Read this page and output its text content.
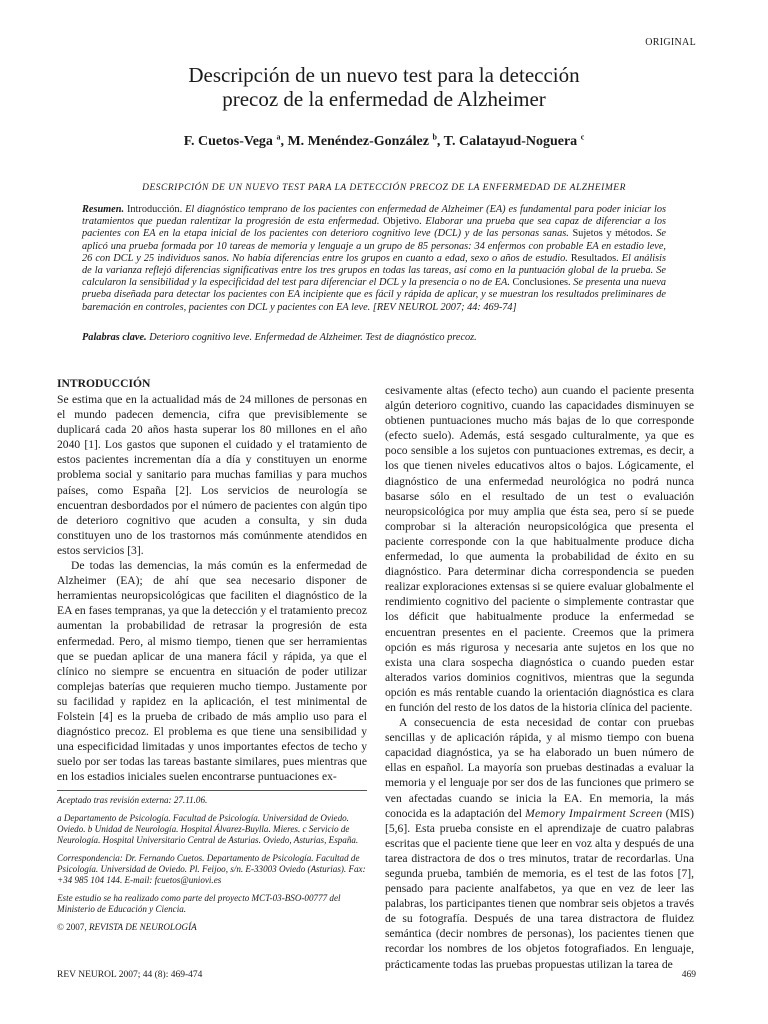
ORIGINAL
Descripción de un nuevo test para la detección
precoz de la enfermedad de Alzheimer
F. Cuetos-Vega $^a$, M. Menéndez-González $^b$, T. Calatayud-Noguera $^c$
DESCRIPCIÓN DE UN NUEVO TEST PARA LA DETECCIÓN PRECOZ DE LA ENFERMEDAD DE ALZHEIMER
Resumen. Introducción. El diagnóstico temprano de los pacientes con enfermedad de Alzheimer (EA) es fundamental para poder iniciar los tratamientos que puedan ralentizar la progresión de esta enfermedad. Objetivo. Elaborar una prueba que sea capaz de diferenciar a los pacientes con EA en la etapa inicial de los pacientes con deterioro cognitivo leve (DCL) y de las personas sanas. Sujetos y métodos. Se aplicó una prueba formada por 10 tareas de memoria y lenguaje a un grupo de 85 personas: 34 enfermos con probable EA en estadio leve, 26 con DCL y 25 individuos sanos. No había diferencias entre los grupos en cuanto a edad, sexo o años de estudio. Resultados. El análisis de la varianza reflejó diferencias significativas entre los tres grupos en todas las tareas, así como en la puntuación global de la prueba. Se calcularon la sensibilidad y la especificidad del test para diferenciar el DCL y la presencia o no de EA. Conclusiones. Se presenta una nueva prueba diseñada para detectar los pacientes con EA incipiente que es fácil y rápida de aplicar, y se muestran los resultados preliminares de baremación en controles, pacientes con DCL y pacientes con EA leve. [REV NEUROL 2007; 44: 469-74]
Palabras clave. Deterioro cognitivo leve. Enfermedad de Alzheimer. Test de diagnóstico precoz.
INTRODUCCIÓN

Se estima que en la actualidad más de 24 millones de personas en el mundo padecen demencia, cifra que previsiblemente se duplicará cada 20 años hasta superar los 80 millones en el año 2040 [1]. Los gastos que suponen el cuidado y el tratamiento de estos pacientes incrementan día a día y constituyen un enorme problema social y sanitario para muchas familias y para muchos países, como España [2]. Los servicios de neurología se encuentran desbordados por el número de pacientes con algún tipo de deterioro cognitivo que acuden a consulta, y sin duda constituyen uno de los trastornos más comúnmente atendidos en estos servicios [3].

De todas las demencias, la más común es la enfermedad de Alzheimer (EA); de ahí que sea necesario disponer de herramientas neuropsicológicas que faciliten el diagnóstico de la EA en fases tempranas, ya que la detección y el tratamiento precoz aumentan la probabilidad de retrasar la progresión de esta enfermedad. Pero, al mismo tiempo, tienen que ser herramientas que se puedan aplicar de una manera fácil y rápida, ya que el clínico no siempre se encuentra en situación de poder utilizar complejas baterías que requieren mucho tiempo. Justamente por su facilidad y rapidez en la aplicación, el test minimental de Folstein [4] es la prueba de cribado de más amplio uso para el diagnóstico precoz. El problema es que tiene una sensibilidad y una especificidad limitadas y unos importantes efectos de techo y suelo por ser todas las tareas bastante similares, pues mientras que en los estadios iniciales suelen encontrarse puntuaciones ex-

cesivamente altas (efecto techo) aun cuando el paciente presenta algún deterioro cognitivo, cuando las capacidades disminuyen se obtienen puntuaciones mucho más bajas de lo que corresponde (efecto suelo). Además, está sesgado culturalmente, ya que es poco sensible a los sujetos con puntuaciones extremas, es decir, a los que tienen niveles educativos altos o bajos. Lógicamente, el diagnóstico de una enfermedad neurológica no podrá nunca basarse sólo en el resultado de un test o evaluación neuropsicológica por muy amplia que ésta sea, pero sí se puede comprobar si la alteración neuropsicológica que presenta el paciente corresponde con la que habitualmente produce dicha enfermedad, lo que aumenta la probabilidad de éxito en su diagnóstico. Para determinar dicha correspondencia se pueden realizar exploraciones extensas si se quiere evaluar globalmente el rendimiento cognitivo del paciente o simplemente contrastar que los déficit que habitualmente produce la enfermedad se encuentran presentes en el paciente. Creemos que la primera opción es más rigurosa y necesaria ante sujetos en los que no exista una clara sospecha diagnóstica o cuando pueden estar alterados varios dominios cognitivos, mientras que la segunda opción es más rentable cuando la orientación diagnóstica es clara en función del resto de los datos de la historia clínica del paciente.

A consecuencia de esta necesidad de contar con pruebas sencillas y de aplicación rápida, y al mismo tiempo con buena capacidad diagnóstica, ya se ha elaborado un buen número de ellas en español. La mayoría son pruebas destinadas a evaluar la memoria y el lenguaje por ser dos de las funciones que primero se ven afectadas cuando se inicia la EA. En memoria, la más conocida es la adaptación del Memory Impairment Screen (MIS) [5,6]. Esta prueba consiste en el aprendizaje de cuatro palabras escritas que el paciente tiene que leer en voz alta y después de una tarea distractora de dos o tres minutos, tratar de recordarlas. Una segunda prueba, también de memoria, es el test de las fotos [7], pensado para paciente analfabetos, ya que en vez de leer las palabras, los participantes tienen que nombrar seis objetos a través de su fotografía. Después de una tarea distractora de fluidez semántica (decir nombres de personas), los pacientes tienen que recordar los nombres de los objetos fotografiados. En lenguaje, prácticamente todas las pruebas propuestas utilizan la tarea de

Aceptado tras revisión externa: 27.11.06.

a Departamento de Psicología. Facultad de Psicología. Universidad de Oviedo. Oviedo. b Unidad de Neurología. Hospital Álvarez-Buylla. Mieres. c Servicio de Neurología. Hospital Universitario Central de Asturias. Oviedo, Asturias, España.

Correspondencia: Dr. Fernando Cuetos. Departamento de Psicología. Facultad de Psicología. Universidad de Oviedo. Pl. Feijoo, s/n. E-33003 Oviedo (Asturias). Fax: +34 985 104 144. E-mail: fcuetos@uniovi.es

Este estudio se ha realizado como parte del proyecto MCT-03-BSO-00777 del Ministerio de Educación y Ciencia.

© 2007, REVISTA DE NEUROLOGÍA

REV NEUROL 2007; 44 (8): 469-474	469
